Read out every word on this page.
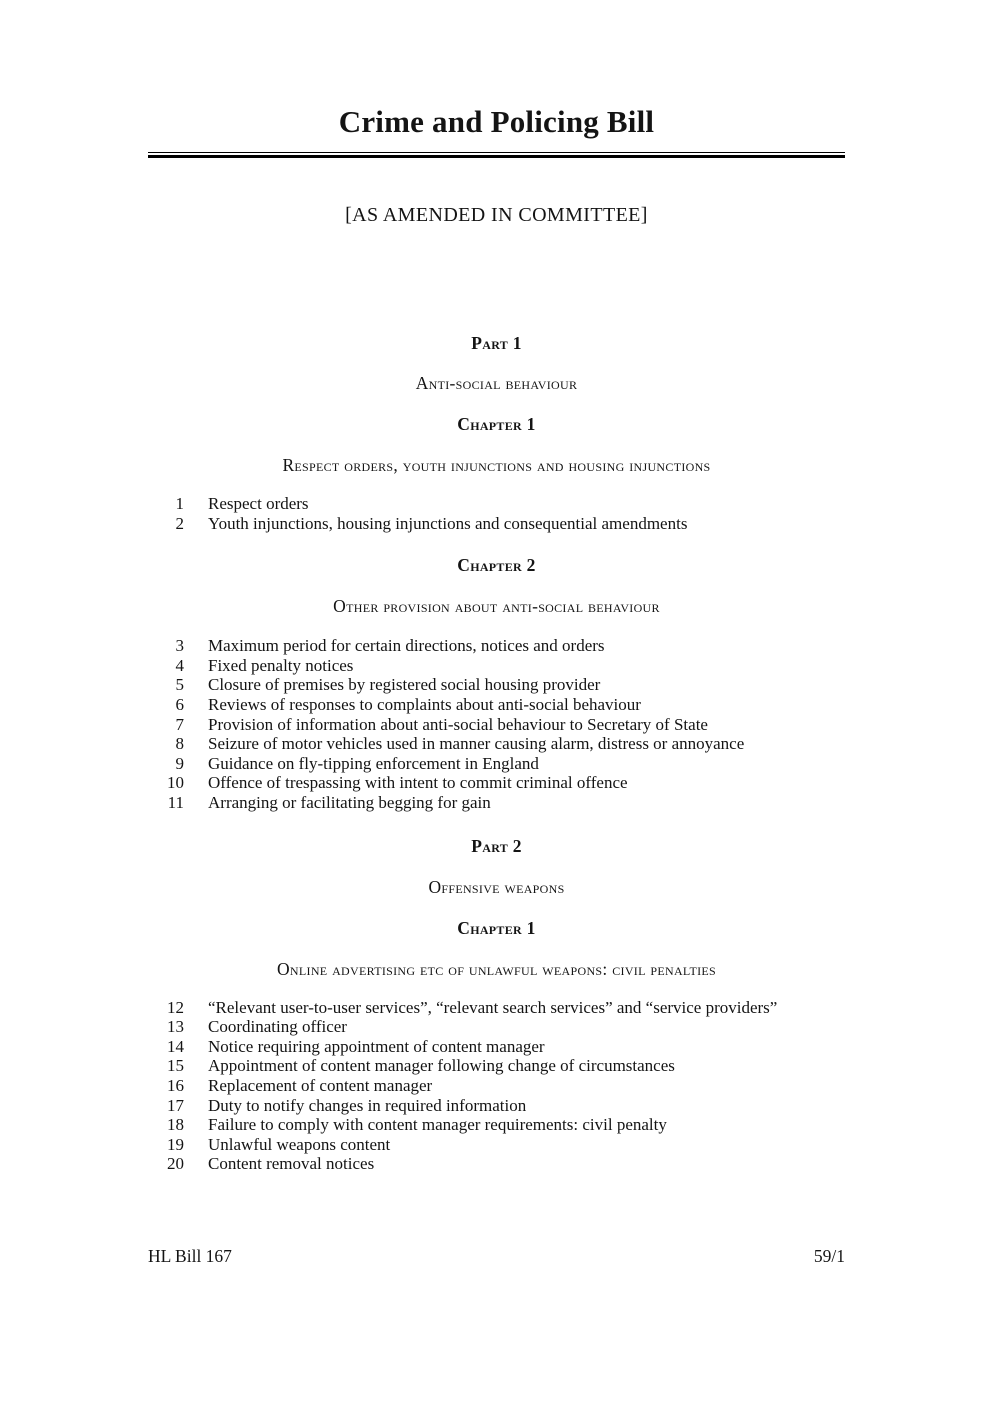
Crime and Policing Bill
[AS AMENDED IN COMMITTEE]
Part 1
Anti-social behaviour
Chapter 1
Respect orders, youth injunctions and housing injunctions
1 Respect orders
2 Youth injunctions, housing injunctions and consequential amendments
Chapter 2
Other provision about anti-social behaviour
3 Maximum period for certain directions, notices and orders
4 Fixed penalty notices
5 Closure of premises by registered social housing provider
6 Reviews of responses to complaints about anti-social behaviour
7 Provision of information about anti-social behaviour to Secretary of State
8 Seizure of motor vehicles used in manner causing alarm, distress or annoyance
9 Guidance on fly-tipping enforcement in England
10 Offence of trespassing with intent to commit criminal offence
11 Arranging or facilitating begging for gain
Part 2
Offensive weapons
Chapter 1
Online advertising etc of unlawful weapons: civil penalties
12 “Relevant user-to-user services”, “relevant search services” and “service providers”
13 Coordinating officer
14 Notice requiring appointment of content manager
15 Appointment of content manager following change of circumstances
16 Replacement of content manager
17 Duty to notify changes in required information
18 Failure to comply with content manager requirements: civil penalty
19 Unlawful weapons content
20 Content removal notices
HL Bill 167	59/1
